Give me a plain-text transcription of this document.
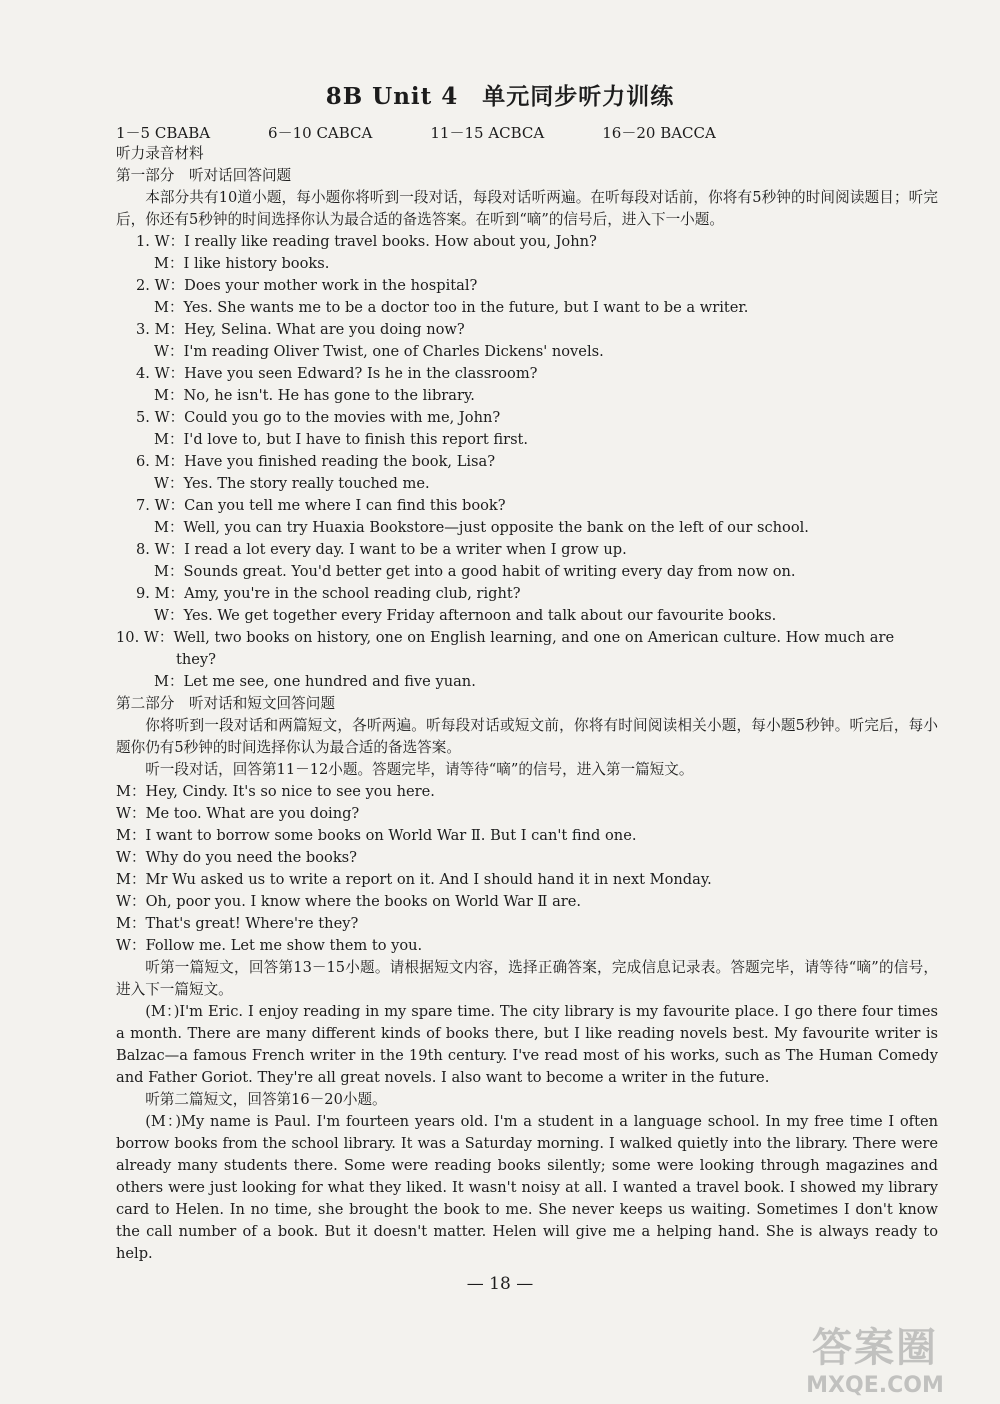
8B Unit 4　单元同步听力训练
1－5 CBABA	6－10 CABCA	11－15 ACBCA	16－20 BACCA
听力录音材料
第一部分　听对话回答问题
本部分共有10道小题，每小题你将听到一段对话，每段对话听两遍。在听每段对话前，你将有5秒钟的时间阅读题目；听完后，你还有5秒钟的时间选择你认为最合适的备选答案。在听到“嘀”的信号后，进入下一小题。
1. W：I really like reading travel books. How about you, John?
M：I like history books.
2. W：Does your mother work in the hospital?
M：Yes. She wants me to be a doctor too in the future, but I want to be a writer.
3. M：Hey, Selina. What are you doing now?
W：I'm reading Oliver Twist, one of Charles Dickens' novels.
4. W：Have you seen Edward? Is he in the classroom?
M：No, he isn't. He has gone to the library.
5. W：Could you go to the movies with me, John?
M：I'd love to, but I have to finish this report first.
6. M：Have you finished reading the book, Lisa?
W：Yes. The story really touched me.
7. W：Can you tell me where I can find this book?
M：Well, you can try Huaxia Bookstore—just opposite the bank on the left of our school.
8. W：I read a lot every day. I want to be a writer when I grow up.
M：Sounds great. You'd better get into a good habit of writing every day from now on.
9. M：Amy, you're in the school reading club, right?
W：Yes. We get together every Friday afternoon and talk about our favourite books.
10. W：Well, two books on history, one on English learning, and one on American culture. How much are
they?
M：Let me see, one hundred and five yuan.
第二部分　听对话和短文回答问题
你将听到一段对话和两篇短文，各听两遍。听每段对话或短文前，你将有时间阅读相关小题，每小题5秒钟。听完后，每小题你仍有5秒钟的时间选择你认为最合适的备选答案。
听一段对话，回答第11－12小题。答题完毕，请等待“嘀”的信号，进入第一篇短文。
M：Hey, Cindy. It's so nice to see you here.
W：Me too. What are you doing?
M：I want to borrow some books on World War Ⅱ. But I can't find one.
W：Why do you need the books?
M：Mr Wu asked us to write a report on it. And I should hand it in next Monday.
W：Oh, poor you. I know where the books on World War Ⅱ are.
M：That's great! Where're they?
W：Follow me. Let me show them to you.
听第一篇短文，回答第13－15小题。请根据短文内容，选择正确答案，完成信息记录表。答题完毕，请等待“嘀”的信号，进入下一篇短文。
(M：)I'm Eric. I enjoy reading in my spare time. The city library is my favourite place. I go there four times a month. There are many different kinds of books there, but I like reading novels best. My favourite writer is Balzac—a famous French writer in the 19th century. I've read most of his works, such as The Human Comedy and Father Goriot. They're all great novels. I also want to become a writer in the future.
听第二篇短文，回答第16－20小题。
(M：)My name is Paul. I'm fourteen years old. I'm a student in a language school. In my free time I often borrow books from the school library. It was a Saturday morning. I walked quietly into the library. There were already many students there. Some were reading books silently; some were looking through magazines and others were just looking for what they liked. It wasn't noisy at all. I wanted a travel book. I showed my library card to Helen. In no time, she brought the book to me. She never keeps us waiting. Sometimes I don't know the call number of a book. But it doesn't matter. Helen will give me a helping hand. She is always ready to help.
— 18 —
答案圈
MXQE.COM
